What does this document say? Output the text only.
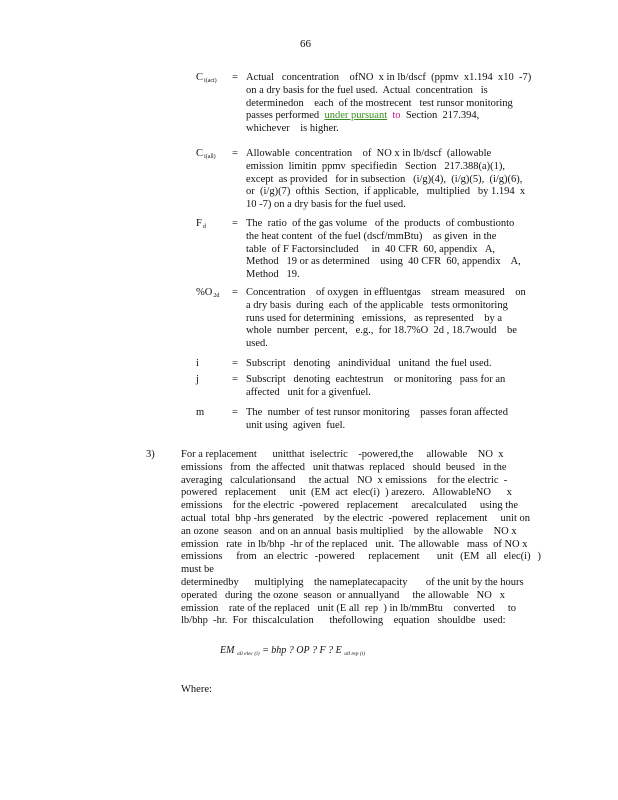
66
Ci(act)	= Actual   concentration    ofNO  x in lb/dscf  (ppmv  x1.194  x10  -7)
on a dry basis for the fuel used.  Actual  concentration   is
determinedon    each  of the mostrecent   test runsor monitoring
passes performed under pursuant to Section  217.394,
whichever    is higher.
Ci(all)	= Allowable  concentration    of  NO x in lb/dscf  (allowable
emission  limitin  ppmv  specifiedin   Section   217.388(a)(1),
except  as provided   for in subsection   (i/g)(4),  (i/g)(5),  (i/g)(6),
or  (i/g)(7)  ofthis  Section,  if applicable,   multiplied   by 1.194  x
10 -7) on a dry basis for the fuel used.
Fd	= The  ratio  of the gas volume   of the  products  of combustionto
the heat content  of the fuel (dscf/mmBtu)    as given  in the
table  of F Factorsincluded     in  40 CFR  60, appendix   A,
Method   19 or as determined    using  40 CFR  60, appendix    A,
Method   19.
%O2d	= Concentration    of oxygen  in effluentgas    stream  measured    on
a dry basis  during  each  of the applicable   tests ormonitoring
runs used for determining   emissions,   as represented    by a
whole  number  percent,   e.g.,  for 18.7%O  2d , 18.7would    be
used.
i	= Subscript   denoting   anindividual   unitand  the fuel used.
j	= Subscript   denoting  eachtestrun    or monitoring   pass for an
affected   unit for a givenfuel.
m	= The  number  of test runsor monitoring    passes foran affected
unit using  agiven  fuel.
3)	For a replacement      unitthat  iselectric    -powered,the     allowable    NO  x
emissions   from  the affected   unit thatwas  replaced   should  beused   in the
averaging   calculationsand     the actual   NO  x emissions    for the electric  -
powered   replacement     unit  (EM  act  elec(i)  ) arezero.   AllowableNO      x
emissions    for the electric  -powered   replacement     arecalculated     using the
actual  total  bhp -hrs generated    by the electric  -powered   replacement     unit on
an ozone  season   and on an annual  basis multiplied    by the allowable    NO x
emission   rate  in lb/bhp  -hr of the replaced   unit.  The allowable   mass  of NO x
emissions    from  an electric  -powered    replacement     unit  (EM  all  elec(i)  ) must be
determinedby      multiplying    the nameplatecapacity       of the unit by the hours
operated   during  the ozone  season  or annuallyand     the allowable   NO   x
emission    rate of the replaced   unit (E all  rep  ) in lb/mmBtu    converted     to
lb/bhp  -hr.  For  thiscalculation      thefollowing    equation   shouldbe   used:
EM $_{all elec (i)}$ = bhp ? OP ? F ? E $_{all rep (i)}$
Where:
